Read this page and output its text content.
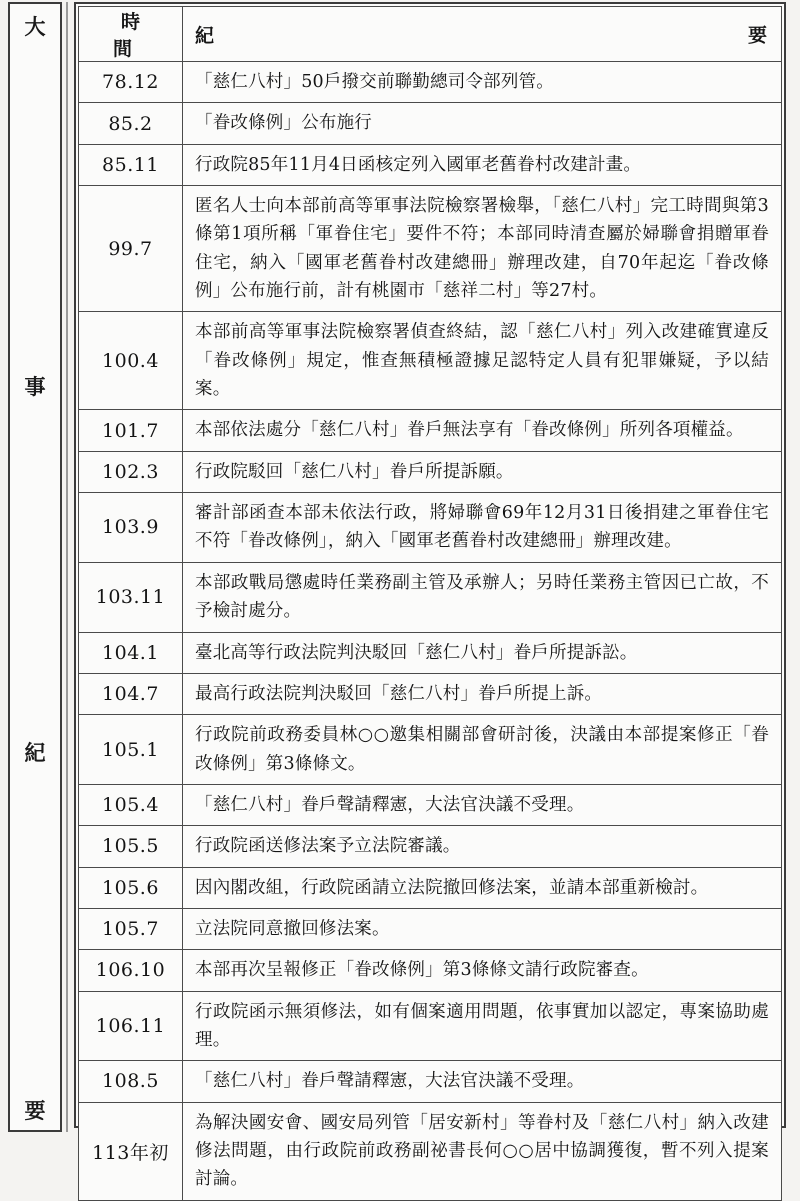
大
事
紀
要
時 間	紀 要

78.12	「慈仁八村」50戶撥交前聯勤總司令部列管。

85.2	「眷改條例」公布施行

85.11	行政院85年11月4日函核定列入國軍老舊眷村改建計畫。

99.7	匿名人士向本部前高等軍事法院檢察署檢舉，「慈仁八村」完工時間與第3條第1項所稱「軍眷住宅」要件不符；本部同時清查屬於婦聯會捐贈軍眷住宅，納入「國軍老舊眷村改建總冊」辦理改建，自70年起迄「眷改條例」公布施行前，計有桃園市「慈祥二村」等27村。

100.4	本部前高等軍事法院檢察署偵查終結，認「慈仁八村」列入改建確實違反「眷改條例」規定，惟查無積極證據足認特定人員有犯罪嫌疑，予以結案。

101.7	本部依法處分「慈仁八村」眷戶無法享有「眷改條例」所列各項權益。

102.3	行政院駁回「慈仁八村」眷戶所提訴願。

103.9	審計部函查本部未依法行政，將婦聯會69年12月31日後捐建之軍眷住宅不符「眷改條例」，納入「國軍老舊眷村改建總冊」辦理改建。

103.11	本部政戰局懲處時任業務副主管及承辦人；另時任業務主管因已亡故，不予檢討處分。

104.1	臺北高等行政法院判決駁回「慈仁八村」眷戶所提訴訟。

104.7	最高行政法院判決駁回「慈仁八村」眷戶所提上訴。

105.1	行政院前政務委員林○○邀集相關部會研討後，決議由本部提案修正「眷改條例」第3條條文。

105.4	「慈仁八村」眷戶聲請釋憲，大法官決議不受理。

105.5	行政院函送修法案予立法院審議。

105.6	因內閣改組，行政院函請立法院撤回修法案，並請本部重新檢討。

105.7	立法院同意撤回修法案。

106.10	本部再次呈報修正「眷改條例」第3條條文請行政院審查。

106.11	行政院函示無須修法，如有個案適用問題，依事實加以認定，專案協助處理。

108.5	「慈仁八村」眷戶聲請釋憲，大法官決議不受理。

113年初	為解決國安會、國安局列管「居安新村」等眷村及「慈仁八村」納入改建修法問題，由行政院前政務副祕書長何○○居中協調獲復，暫不列入提案討論。
